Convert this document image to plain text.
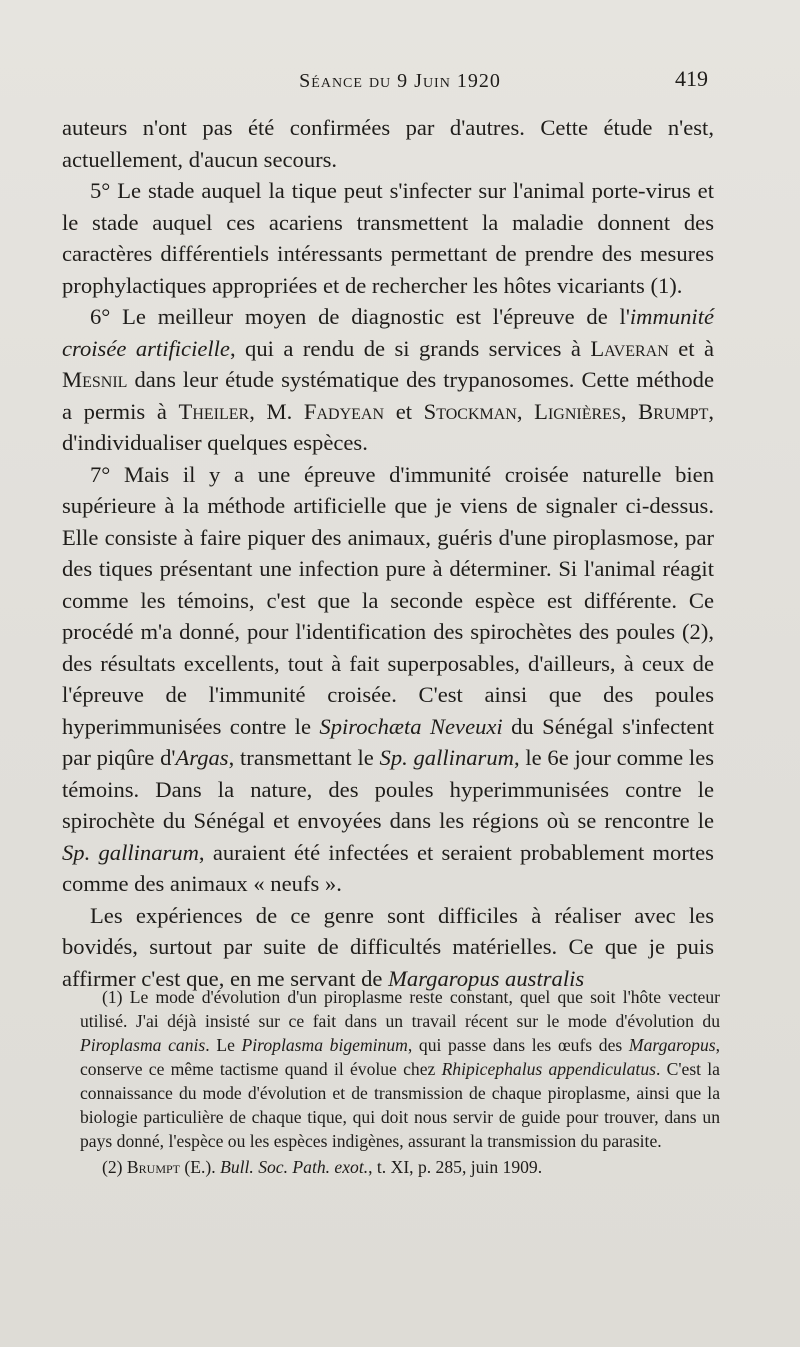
Séance du 9 Juin 1920	419

auteurs n'ont pas été confirmées par d'autres. Cette étude n'est, actuellement, d'aucun secours.

5° Le stade auquel la tique peut s'infecter sur l'animal porte-virus et le stade auquel ces acariens transmettent la maladie donnent des caractères différentiels intéressants permettant de prendre des mesures prophylactiques appropriées et de rechercher les hôtes vicariants (1).

6° Le meilleur moyen de diagnostic est l'épreuve de l'immunité croisée artificielle, qui a rendu de si grands services à Laveran et à Mesnil dans leur étude systématique des trypanosomes. Cette méthode a permis à Theiler, M. Fadyean et Stockman, Lignières, Brumpt, d'individualiser quelques espèces.

7° Mais il y a une épreuve d'immunité croisée naturelle bien supérieure à la méthode artificielle que je viens de signaler ci-dessus. Elle consiste à faire piquer des animaux, guéris d'une piroplasmose, par des tiques présentant une infection pure à déterminer. Si l'animal réagit comme les témoins, c'est que la seconde espèce est différente. Ce procédé m'a donné, pour l'identification des spirochètes des poules (2), des résultats excellents, tout à fait superposables, d'ailleurs, à ceux de l'épreuve de l'immunité croisée. C'est ainsi que des poules hyperimmunisées contre le Spirochæta Neveuxi du Sénégal s'infectent par piqûre d'Argas, transmettant le Sp. gallinarum, le 6e jour comme les témoins. Dans la nature, des poules hyperimmunisées contre le spirochète du Sénégal et envoyées dans les régions où se rencontre le Sp. gallinarum, auraient été infectées et seraient probablement mortes comme des animaux « neufs ».

Les expériences de ce genre sont difficiles à réaliser avec les bovidés, surtout par suite de difficultés matérielles. Ce que je puis affirmer c'est que, en me servant de Margaropus australis

(1) Le mode d'évolution d'un piroplasme reste constant, quel que soit l'hôte vecteur utilisé. J'ai déjà insisté sur ce fait dans un travail récent sur le mode d'évolution du Piroplasma canis. Le Piroplasma bigeminum, qui passe dans les œufs des Margaropus, conserve ce même tactisme quand il évolue chez Rhipicephalus appendiculatus. C'est la connaissance du mode d'évolution et de transmission de chaque piroplasme, ainsi que la biologie particulière de chaque tique, qui doit nous servir de guide pour trouver, dans un pays donné, l'espèce ou les espèces indigènes, assurant la transmission du parasite.

(2) Brumpt (E.). Bull. Soc. Path. exot., t. XI, p. 285, juin 1909.
